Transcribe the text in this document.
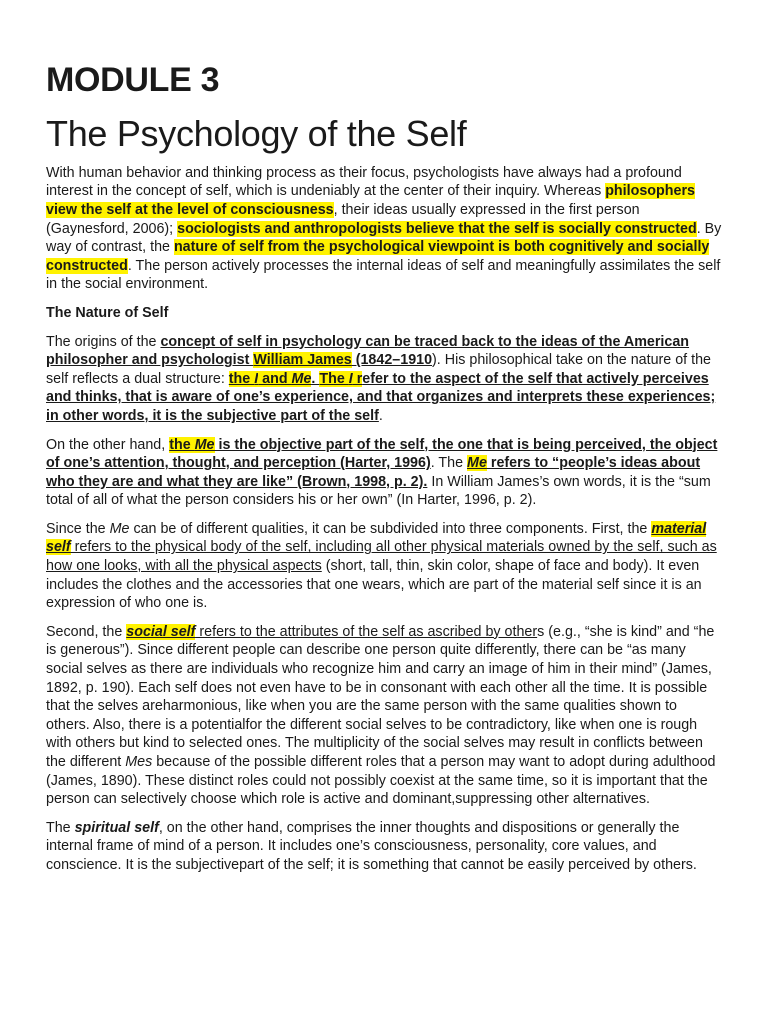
MODULE 3
The Psychology of the Self

With human behavior and thinking process as their focus, psychologists have always had a profound interest in the concept of self, which is undeniably at the center of their inquiry. Whereas philosophers view the self at the level of consciousness, their ideas usually expressed in the first person (Gaynesford, 2006); sociologists and anthropologists believe that the self is socially constructed. By way of contrast, the nature of self from the psychological viewpoint is both cognitively and socially constructed. The person actively processes the internal ideas of self and meaningfully assimilates the self in the social environment.

The Nature of Self

The origins of the concept of self in psychology can be traced back to the ideas of the American philosopher and psychologist William James (1842–1910). His philosophical take on the nature of the self reflects a dual structure: the I and Me. The I refer to the aspect of the self that actively perceives and thinks, that is aware of one’s experience, and that organizes and interprets these experiences; in other words, it is the subjective part of the self.

On the other hand, the Me is the objective part of the self, the one that is being perceived, the object of one’s attention, thought, and perception (Harter, 1996). The Me refers to “people’s ideas about who they are and what they are like” (Brown, 1998, p. 2). In William James’s own words, it is the “sum total of all of what the person considers his or her own” (In Harter, 1996, p. 2).

Since the Me can be of different qualities, it can be subdivided into three components. First, the material self refers to the physical body of the self, including all other physical materials owned by the self, such as how one looks, with all the physical aspects (short, tall, thin, skin color, shape of face and body). It even includes the clothes and the accessories that one wears, which are part of the material self since it is an expression of who one is.

Second, the social self refers to the attributes of the self as ascribed by others (e.g., “she is kind” and “he is generous”). Since different people can describe one person quite differently, there can be “as many social selves as there are individuals who recognize him and carry an image of him in their mind” (James, 1892, p. 190). Each self does not even have to be in consonant with each other all the time. It is possible that the selves areharmonious, like when you are the same person with the same qualities shown to others. Also, there is a potentialfor the different social selves to be contradictory, like when one is rough with others but kind to selected ones. The multiplicity of the social selves may result in conflicts between the different Mes because of the possible different roles that a person may want to adopt during adulthood (James, 1890). These distinct roles could not possibly coexist at the same time, so it is important that the person can selectively choose which role is active and dominant,suppressing other alternatives.

The spiritual self, on the other hand, comprises the inner thoughts and dispositions or generally the internal frame of mind of a person. It includes one’s consciousness, personality, core values, and conscience. It is the subjectivepart of the self; it is something that cannot be easily perceived by others.
